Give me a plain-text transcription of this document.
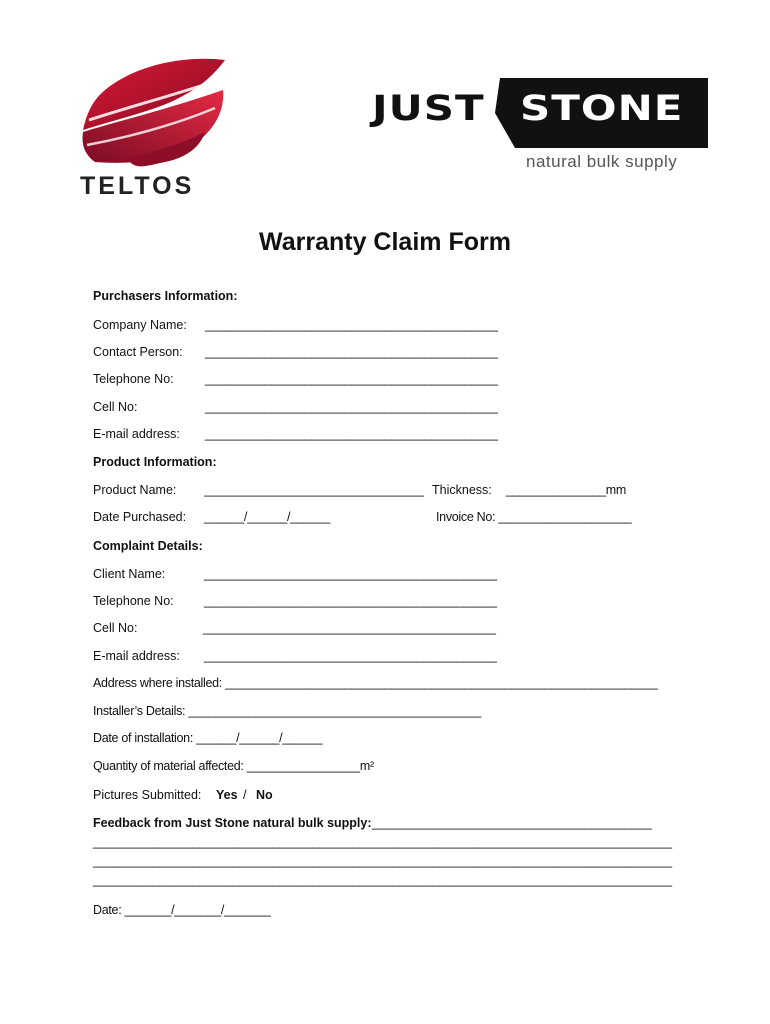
TELTOS
JUST STONE
natural bulk supply
Warranty Claim Form
Purchasers Information:
Company Name: ____________________________________________
Contact Person: ____________________________________________
Telephone No:	____________________________________________
Cell No:	____________________________________________
E-mail address: ____________________________________________
Product Information:
Product Name: _________________________________ Thickness: _______________mm
Date Purchased: ______/______/______	Invoice No: ____________________
Complaint Details:
Client Name:	____________________________________________
Telephone No: ____________________________________________
Cell No:	____________________________________________
E-mail address: ____________________________________________
Address where installed: _________________________________________________________________
Installer’s Details: ____________________________________________
Date of installation: ______/______/______
Quantity of material affected: _________________m²
Pictures Submitted: Yes / No
Feedback from Just Stone natural bulk supply: __________________________________________
_______________________________________________________________________________________
_______________________________________________________________________________________
_______________________________________________________________________________________
Date: _______/_______/_______
